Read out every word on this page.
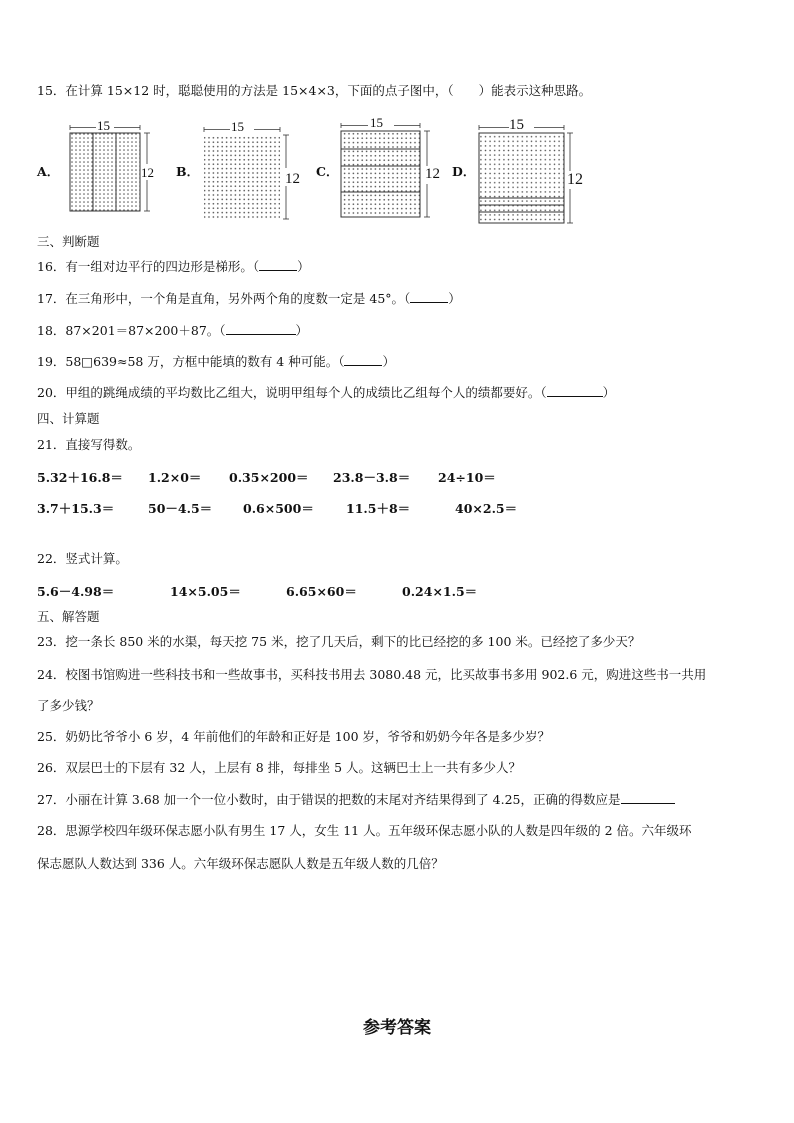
15．在计算 15×12 时，聪聪使用的方法是 15×4×3，下面的点子图中，（　　）能表示这种思路。
A．
15
12 B．
15
12 C．
15
12 D．
15
12
三、判断题
16．有一组对边平行的四边形是梯形。（	）
17．在三角形中，一个角是直角，另外两个角的度数一定是 45°。（	）
18．87×201＝87×200＋87。（	）
19．58□639≈58 万，方框中能填的数有 4 种可能。（	）
20．甲组的跳绳成绩的平均数比乙组大，说明甲组每个人的成绩比乙组每个人的绩都要好。（	）
四、计算题
21．直接写得数。
5.32＋16.8＝ 1.2×0＝ 0.35×200＝ 23.8－3.8＝ 24÷10＝
3.7＋15.3＝	50－4.5＝ 0.6×500＝	11.5＋8＝	40×2.5＝
22．竖式计算。
5.6－4.98＝	14×5.05＝	6.65×60＝	0.24×1.5＝
五、解答题
23．挖一条长 850 米的水渠，每天挖 75 米，挖了几天后，剩下的比已经挖的多 100 米。已经挖了多少天？
24．校图书馆购进一些科技书和一些故事书，买科技书用去 3080.48 元，比买故事书多用 902.6 元，购进这些书一共用
了多少钱？
25．奶奶比爷爷小 6 岁，4 年前他们的年龄和正好是 100 岁，爷爷和奶奶今年各是多少岁？
26．双层巴士的下层有 32 人，上层有 8 排，每排坐 5 人。这辆巴士上一共有多少人？
27．小丽在计算 3.68 加一个一位小数时，由于错误的把数的末尾对齐结果得到了 4.25，正确的得数应是
28．思源学校四年级环保志愿小队有男生 17 人，女生 11 人。五年级环保志愿小队的人数是四年级的 2 倍。六年级环
保志愿队人数达到 336 人。六年级环保志愿队人数是五年级人数的几倍？
参考答案
